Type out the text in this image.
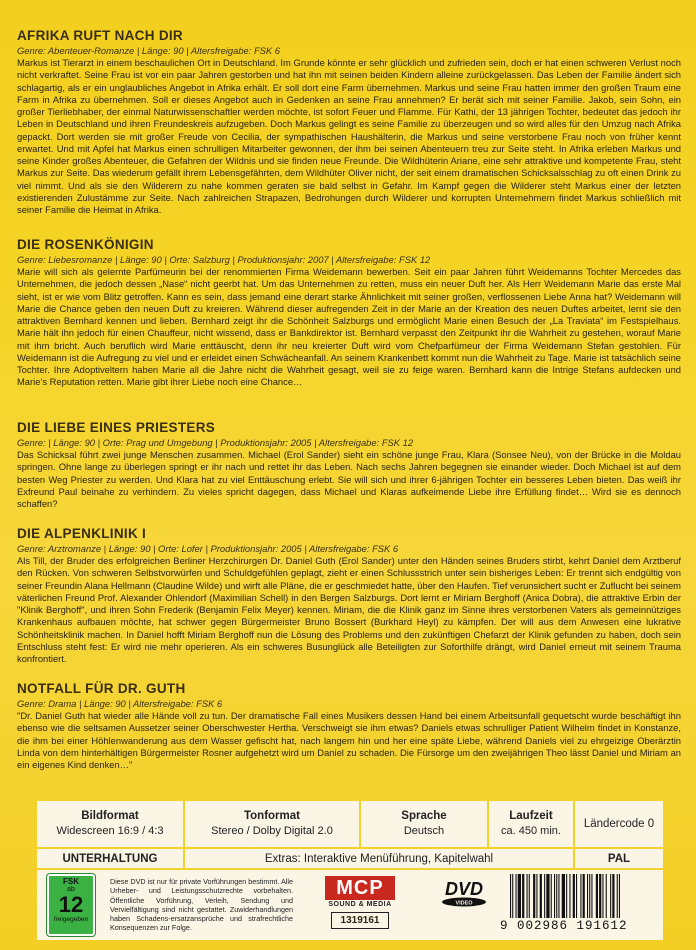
AFRIKA RUFT NACH DIR
Genre: Abenteuer-Romanze | Länge: 90 | Altersfreigabe: FSK 6
Markus ist Tierarzt in einem beschaulichen Ort in Deutschland. Im Grunde könnte er sehr glücklich und zufrieden sein, doch er hat einen schweren Verlust noch nicht verkraftet. Seine Frau ist vor ein paar Jahren gestorben und hat ihn mit seinen beiden Kindern alleine zurückgelassen. Das Leben der Familie ändert sich schlagartig, als er ein unglaubliches Angebot in Afrika erhält. Er soll dort eine Farm übernehmen. Markus und seine Frau hatten immer den großen Traum eine Farm in Afrika zu übernehmen. Soll er dieses Angebot auch in Gedenken an seine Frau annehmen? Er berät sich mit seiner Familie. Jakob, sein Sohn, ein großer Tierliebhaber, der einmal Naturwissenschaftler werden möchte, ist sofort Feuer und Flamme. Für Kathi, der 13 jährigen Tochter, bedeutet das jedoch ihr Leben in Deutschland und ihren Freundeskreis aufzugeben. Doch Markus gelingt es seine Familie zu überzeugen und so wird alles für den Umzug nach Afrika gepackt. Dort werden sie mit großer Freude von Cecilia, der sympathischen Haushälterin, die Markus und seine verstorbene Frau noch von früher kennt erwartet. Und mit Apfel hat Markus einen schrulligen Mitarbeiter gewonnen, der ihm bei seinen Abenteuern treu zur Seite steht. In Afrika erleben Markus und seine Kinder großes Abenteuer, die Gefahren der Wildnis und sie finden neue Freunde. Die Wildhüterin Ariane, eine sehr attraktive und kompetente Frau, steht Markus zur Seite. Das wiederum gefällt ihrem Lebensgefährten, dem Wildhüter Oliver nicht, der seit einem dramatischen Schicksalsschlag zu oft einen Drink zu viel nimmt. Und als sie den Wilderern zu nahe kommen geraten sie bald selbst in Gefahr. Im Kampf gegen die Wilderer steht Markus einer der letzten existierenden Zulustämme zur Seite. Nach zahlreichen Strapazen, Bedrohungen durch Wilderer und korrupten Unternehmern findet Markus schließlich mit seiner Familie die Heimat in Afrika.
DIE ROSENKÖNIGIN
Genre: Liebesromanze | Länge: 90 | Orte: Salzburg | Produktionsjahr: 2007 | Altersfreigabe: FSK 12
Marie will sich als gelernte Parfümeurin bei der renommierten Firma Weidemann bewerben. Seit ein paar Jahren führt Weidemanns Tochter Mercedes das Unternehmen, die jedoch dessen „Nase“ nicht geerbt hat. Um das Unternehmen zu retten, muss ein neuer Duft her. Als Herr Weidemann Marie das erste Mal sieht, ist er wie vom Blitz getroffen. Kann es sein, dass jemand eine derart starke Ähnlichkeit mit seiner großen, verflossenen Liebe Anna hat? Weidemann will Marie die Chance geben den neuen Duft zu kreieren. Während dieser aufregenden Zeit in der Marie an der Kreation des neuen Duftes arbeitet, lernt sie den attraktiven Bernhard kennen und lieben. Bernhard zeigt ihr die Schönheit Salzburgs und ermöglicht Marie einen Besuch der „La Traviata“ im Festspielhaus. Marie hält ihn jedoch für einen Chauffeur, nicht wissend, dass er Bankdirektor ist. Bernhard verpasst den Zeitpunkt ihr die Wahrheit zu gestehen, worauf Marie mit ihm bricht. Auch beruflich wird Marie enttäuscht, denn ihr neu kreierter Duft wird vom Chefparfümeur der Firma Weidemann Stefan gestohlen. Für Weidemann ist die Aufregung zu viel und er erleidet einen Schwächeanfall. An seinem Krankenbett kommt nun die Wahrheit zu Tage. Marie ist tatsächlich seine Tochter. Ihre Adoptiveltern haben Marie all die Jahre nicht die Wahrheit gesagt, weil sie zu feige waren. Bernhard kann die Intrige Stefans aufdecken und Marie’s Reputation retten. Marie gibt ihrer Liebe noch eine Chance…
DIE LIEBE EINES PRIESTERS
Genre: | Länge: 90 | Orte: Prag und Umgebung | Produktionsjahr: 2005 | Altersfreigabe: FSK 12
Das Schicksal führt zwei junge Menschen zusammen. Michael (Erol Sander) sieht ein schöne junge Frau, Klara (Sonsee Neu), von der Brücke in die Moldau springen. Ohne lange zu überlegen springt er ihr nach und rettet ihr das Leben. Nach sechs Jahren begegnen sie einander wieder. Doch Michael ist auf dem besten Weg Priester zu werden. Und Klara hat zu viel Enttäuschung erlebt. Sie will sich und ihrer 6-jährigen Tochter ein besseres Leben bieten. Das weiß ihr Exfreund Paul beinahe zu verhindern. Zu vieles spricht dagegen, dass Michael und Klaras aufkeimende Liebe ihre Erfüllung findet… Wird sie es dennoch schaffen?
DIE ALPENKLINIK I
Genre: Arztromanze | Länge: 90 | Orte: Lofer | Produktionsjahr: 2005 | Altersfreigabe: FSK 6
Als Till, der Bruder des erfolgreichen Berliner Herzchirurgen Dr. Daniel Guth (Erol Sander) unter den Händen seines Bruders stirbt, kehrt Daniel dem Arztberuf den Rücken. Von schweren Selbstvorwürfen und Schuldgefühlen geplagt, zieht er einen Schlussstrich unter sein bisheriges Leben: Er trennt sich endgültig von seiner Freundin Alana Hellmann (Claudine Wilde) und wirft alle Pläne, die er geschmiedet hatte, über den Haufen. Tief verunsichert sucht er Zuflucht bei seinem väterlichen Freund Prof. Alexander Ohlendorf (Maximilian Schell) in den Bergen Salzburgs. Dort lernt er Miriam Berghoff (Anica Dobra), die attraktive Erbin der "Klinik Berghoff", und ihren Sohn Frederik (Benjamin Felix Meyer) kennen. Miriam, die die Klinik ganz im Sinne ihres verstorbenen Vaters als gemeinnütziges Krankenhaus aufbauen möchte, hat schwer gegen Bürgermeister Bruno Bossert (Burkhard Heyl) zu kämpfen. Der will aus dem Anwesen eine lukrative Schönheitsklinik machen. In Daniel hofft Miriam Berghoff nun die Lösung des Problems und den zukünftigen Chefarzt der Klinik gefunden zu haben, doch sein Entschluss steht fest: Er wird nie mehr operieren. Als ein schweres Busunglück alle Beteiligten zur Soforthilfe drängt, wird Daniel erneut mit seinem Trauma konfrontiert.
NOTFALL FÜR DR. GUTH
Genre: Drama | Länge: 90 | Altersfreigabe: FSK 6
"Dr. Daniel Guth hat wieder alle Hände voll zu tun. Der dramatische Fall eines Musikers dessen Hand bei einem Arbeitsunfall gequetscht wurde beschäftigt ihn ebenso wie die seltsamen Aussetzer seiner Oberschwester Hertha. Verschweigt sie ihm etwas? Daniels etwas schrulliger Patient Wilhelm findet in Konstanze, die ihm bei einer Höhlenwanderung aus dem Wasser gefischt hat, nach langem hin und her eine späte Liebe, während Daniels viel zu ehrgeizige Oberärztin Linda von dem hinterhältigen Bürgermeister Rosner aufgehetzt wird um Daniel zu schaden. Die Fürsorge um den zweijährigen Theo lässt Daniel und Miriam an ein eigenes Kind denken…"
Bildformat
Widescreen 16:9 / 4:3
Tonformat
Stereo / Dolby Digital 2.0
Sprache
Deutsch
Laufzeit
ca. 450 min.
Ländercode 0
UNTERHALTUNG	Extras: Interaktive Menüführung, Kapitelwahl	PAL
FSK
ab
12
freigegeben
Diese DVD ist nur für private Vorführungen bestimmt. Alle Urheber- und Leistungsschutzrechte vorbehalten. Öffentliche Vorführung, Verleih, Sendung und Vervielfältigung sind nicht gestattet. Zuwiderhandlungen haben Schadens-ersatzansprüche und strafrechtliche Konsequenzen zur Folge.
MCP
SOUND & MEDIA
1319161
DVD
VIDEO
9 002986 191612
